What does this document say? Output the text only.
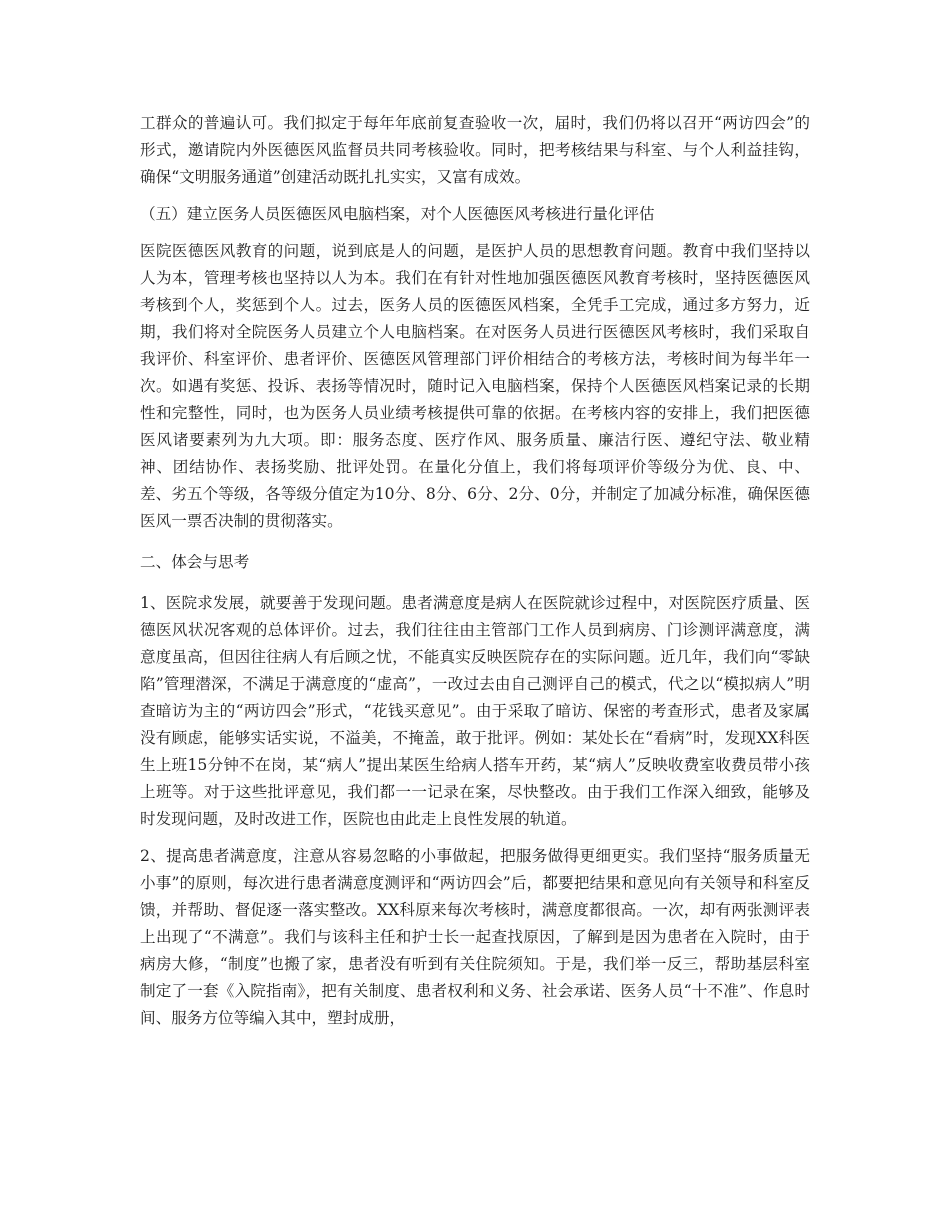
工群众的普遍认可。我们拟定于每年年底前复查验收一次，届时，我们仍将以召开“两访四会”的形式，邀请院内外医德医风监督员共同考核验收。同时，把考核结果与科室、与个人利益挂钩，确保“文明服务通道”创建活动既扎扎实实，又富有成效。

（五）建立医务人员医德医风电脑档案，对个人医德医风考核进行量化评估

医院医德医风教育的问题，说到底是人的问题，是医护人员的思想教育问题。教育中我们坚持以人为本，管理考核也坚持以人为本。我们在有针对性地加强医德医风教育考核时，坚持医德医风考核到个人，奖惩到个人。过去，医务人员的医德医风档案，全凭手工完成，通过多方努力，近期，我们将对全院医务人员建立个人电脑档案。在对医务人员进行医德医风考核时，我们采取自我评价、科室评价、患者评价、医德医风管理部门评价相结合的考核方法，考核时间为每半年一次。如遇有奖惩、投诉、表扬等情况时，随时记入电脑档案，保持个人医德医风档案记录的长期性和完整性，同时，也为医务人员业绩考核提供可靠的依据。在考核内容的安排上，我们把医德医风诸要素列为九大项。即：服务态度、医疗作风、服务质量、廉洁行医、遵纪守法、敬业精神、团结协作、表扬奖励、批评处罚。在量化分值上，我们将每项评价等级分为优、良、中、差、劣五个等级，各等级分值定为10分、8分、6分、2分、0分，并制定了加减分标准，确保医德医风一票否决制的贯彻落实。

二、体会与思考

1、医院求发展，就要善于发现问题。患者满意度是病人在医院就诊过程中，对医院医疗质量、医德医风状况客观的总体评价。过去，我们往往由主管部门工作人员到病房、门诊测评满意度，满意度虽高，但因往往病人有后顾之忧，不能真实反映医院存在的实际问题。近几年，我们向“零缺陷”管理潜深，不满足于满意度的“虚高”，一改过去由自己测评自己的模式，代之以“模拟病人”明查暗访为主的“两访四会”形式，“花钱买意见”。由于采取了暗访、保密的考查形式，患者及家属没有顾虑，能够实话实说，不溢美，不掩盖，敢于批评。例如：某处长在“看病”时，发现XX科医生上班15分钟不在岗，某“病人”提出某医生给病人搭车开药，某“病人”反映收费室收费员带小孩上班等。对于这些批评意见，我们都一一记录在案，尽快整改。由于我们工作深入细致，能够及时发现问题，及时改进工作，医院也由此走上良性发展的轨道。

2、提高患者满意度，注意从容易忽略的小事做起，把服务做得更细更实。我们坚持“服务质量无小事”的原则，每次进行患者满意度测评和“两访四会”后，都要把结果和意见向有关领导和科室反馈，并帮助、督促逐一落实整改。XX科原来每次考核时，满意度都很高。一次，却有两张测评表上出现了“不满意”。我们与该科主任和护士长一起查找原因，了解到是因为患者在入院时，由于病房大修，“制度”也搬了家，患者没有听到有关住院须知。于是，我们举一反三，帮助基层科室制定了一套《入院指南》，把有关制度、患者权利和义务、社会承诺、医务人员“十不准”、作息时间、服务方位等编入其中，塑封成册，
